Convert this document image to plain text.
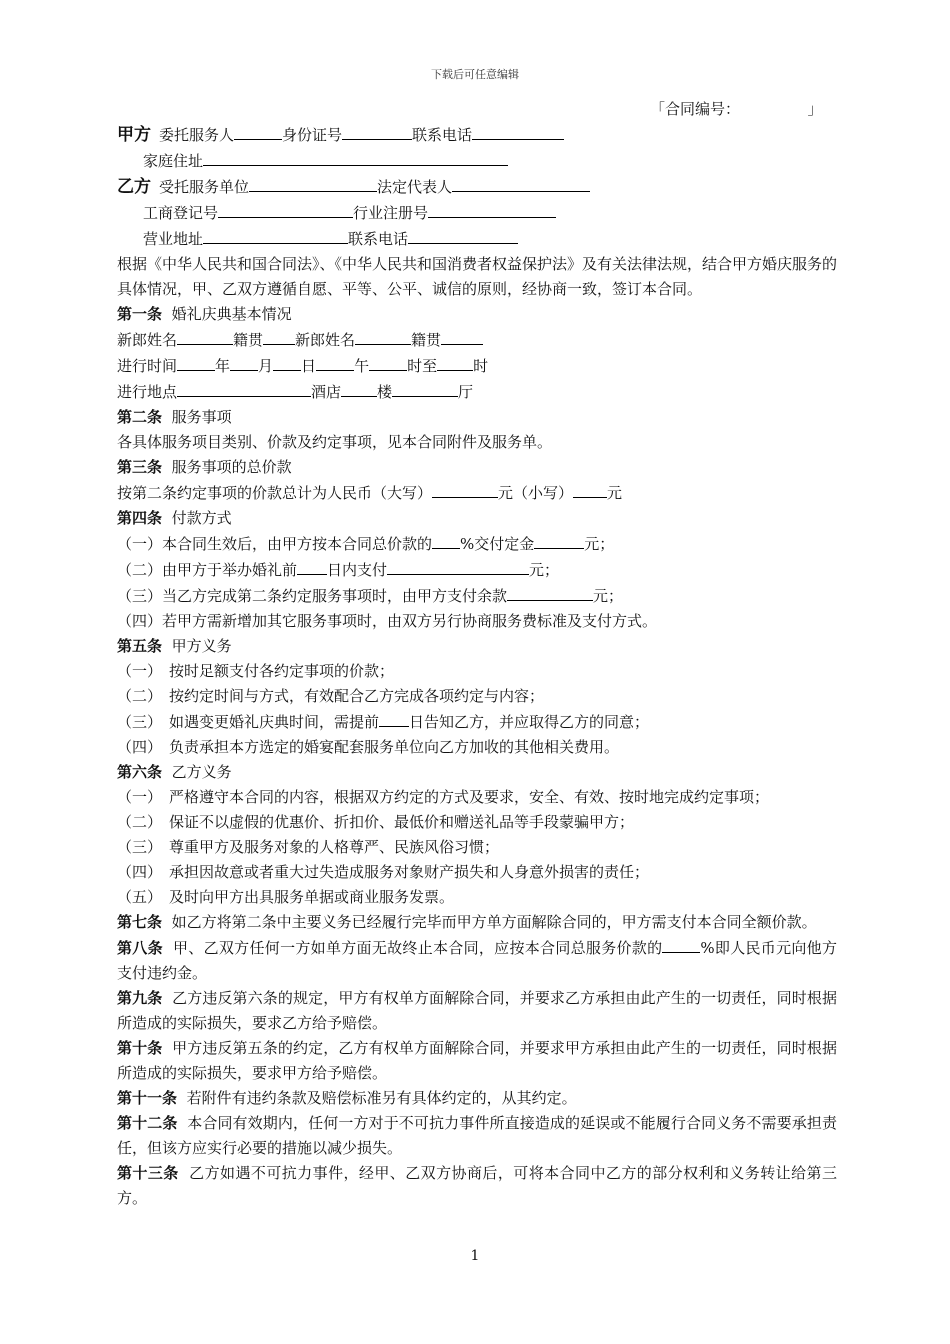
下载后可任意编辑
「合同编号：　　　　　」
甲方 委托服务人	身份证号	联系电话
家庭住址
乙方 受托服务单位	法定代表人
工商登记号	行业注册号
营业地址	联系电话
根据《中华人民共和国合同法》、《中华人民共和国消费者权益保护法》及有关法律法规，结合甲方婚庆服务的具体情况，甲、乙双方遵循自愿、平等、公平、诚信的原则，经协商一致，签订本合同。
第一条 婚礼庆典基本情况
新郎姓名	籍贯 新郎姓名	籍贯
进行时间	年 月 日	午	时至 时
进行地点	酒店 楼	厅
第二条 服务事项
各具体服务项目类别、价款及约定事项，见本合同附件及服务单。
第三条 服务事项的总价款
按第二条约定事项的价款总计为人民币（大写）	元（小写） 元
第四条 付款方式
（一）本合同生效后，由甲方按本合同总价款的 %交付定金	元；
（二）由甲方于举办婚礼前 日内支付	元；
（三）当乙方完成第二条约定服务事项时，由甲方支付余款	元；
（四）若甲方需新增加其它服务事项时，由双方另行协商服务费标准及支付方式。
第五条 甲方义务
（一） 按时足额支付各约定事项的价款；
（二） 按约定时间与方式，有效配合乙方完成各项约定与内容；
（三） 如遇变更婚礼庆典时间，需提前 日告知乙方，并应取得乙方的同意；
（四） 负责承担本方选定的婚宴配套服务单位向乙方加收的其他相关费用。
第六条 乙方义务
（一） 严格遵守本合同的内容，根据双方约定的方式及要求，安全、有效、按时地完成约定事项；
（二） 保证不以虚假的优惠价、折扣价、最低价和赠送礼品等手段蒙骗甲方；
（三） 尊重甲方及服务对象的人格尊严、民族风俗习惯；
（四） 承担因故意或者重大过失造成服务对象财产损失和人身意外损害的责任；
（五） 及时向甲方出具服务单据或商业服务发票。
第七条 如乙方将第二条中主要义务已经履行完毕而甲方单方面解除合同的，甲方需支付本合同全额价款。
第八条 甲、乙双方任何一方如单方面无故终止本合同，应按本合同总服务价款的	%即人民币元向他方支付违约金。
第九条 乙方违反第六条的规定，甲方有权单方面解除合同，并要求乙方承担由此产生的一切责任，同时根据所造成的实际损失，要求乙方给予赔偿。
第十条 甲方违反第五条的约定，乙方有权单方面解除合同，并要求甲方承担由此产生的一切责任，同时根据所造成的实际损失，要求甲方给予赔偿。
第十一条 若附件有违约条款及赔偿标准另有具体约定的，从其约定。
第十二条 本合同有效期内，任何一方对于不可抗力事件所直接造成的延误或不能履行合同义务不需要承担责任，但该方应实行必要的措施以减少损失。
第十三条 乙方如遇不可抗力事件，经甲、乙双方协商后，可将本合同中乙方的部分权利和义务转让给第三方。
1
